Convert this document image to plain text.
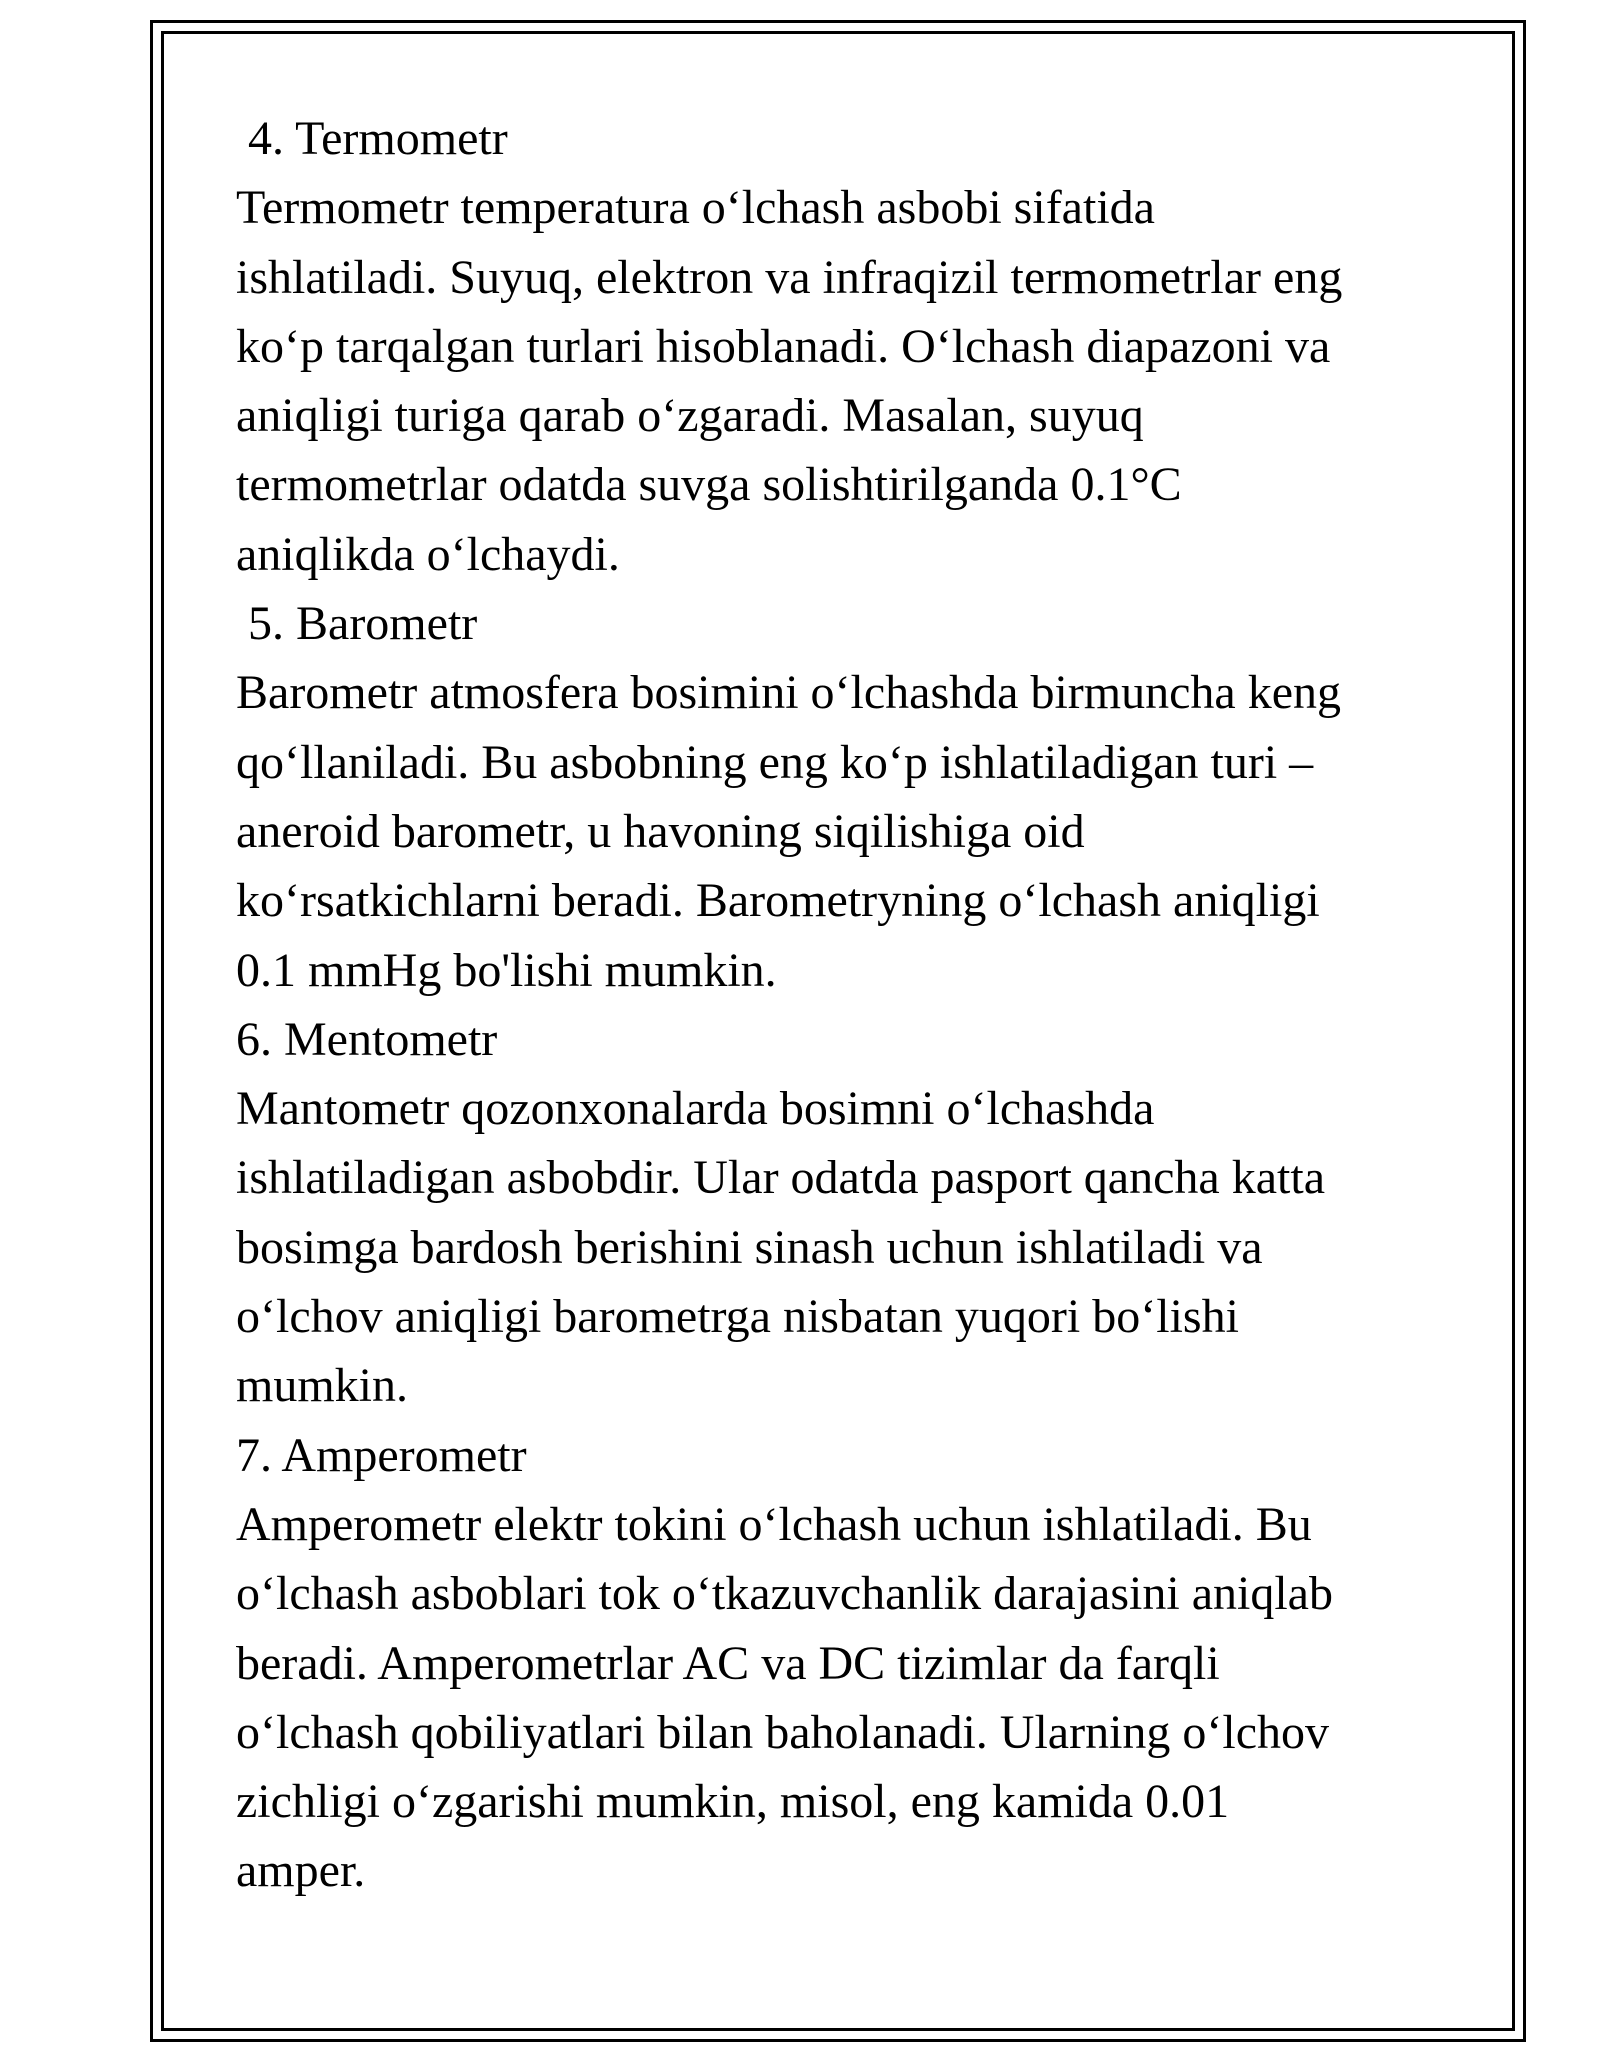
4. Termometr

Termometr temperatura o‘lchash asbobi sifatida

ishlatiladi. Suyuq, elektron va infraqizil termometrlar eng

ko‘p tarqalgan turlari hisoblanadi. O‘lchash diapazoni va

aniqligi turiga qarab o‘zgaradi. Masalan, suyuq

termometrlar odatda suvga solishtirilganda 0.1°C

aniqlikda o‘lchaydi.

5. Barometr

Barometr atmosfera bosimini o‘lchashda birmuncha keng

qo‘llaniladi. Bu asbobning eng ko‘p ishlatiladigan turi –

aneroid barometr, u havoning siqilishiga oid

ko‘rsatkichlarni beradi. Barometryning o‘lchash aniqligi

0.1 mmHg bo'lishi mumkin.

6. Mentometr

Mantometr qozonxonalarda bosimni o‘lchashda

ishlatiladigan asbobdir. Ular odatda pasport qancha katta

bosimga bardosh berishini sinash uchun ishlatiladi va

o‘lchov aniqligi barometrga nisbatan yuqori bo‘lishi

mumkin.

7. Amperometr

Amperometr elektr tokini o‘lchash uchun ishlatiladi. Bu

o‘lchash asboblari tok o‘tkazuvchanlik darajasini aniqlab

beradi. Amperometrlar AC va DC tizimlar da farqli

o‘lchash qobiliyatlari bilan baholanadi. Ularning o‘lchov

zichligi o‘zgarishi mumkin, misol, eng kamida 0.01

amper.
